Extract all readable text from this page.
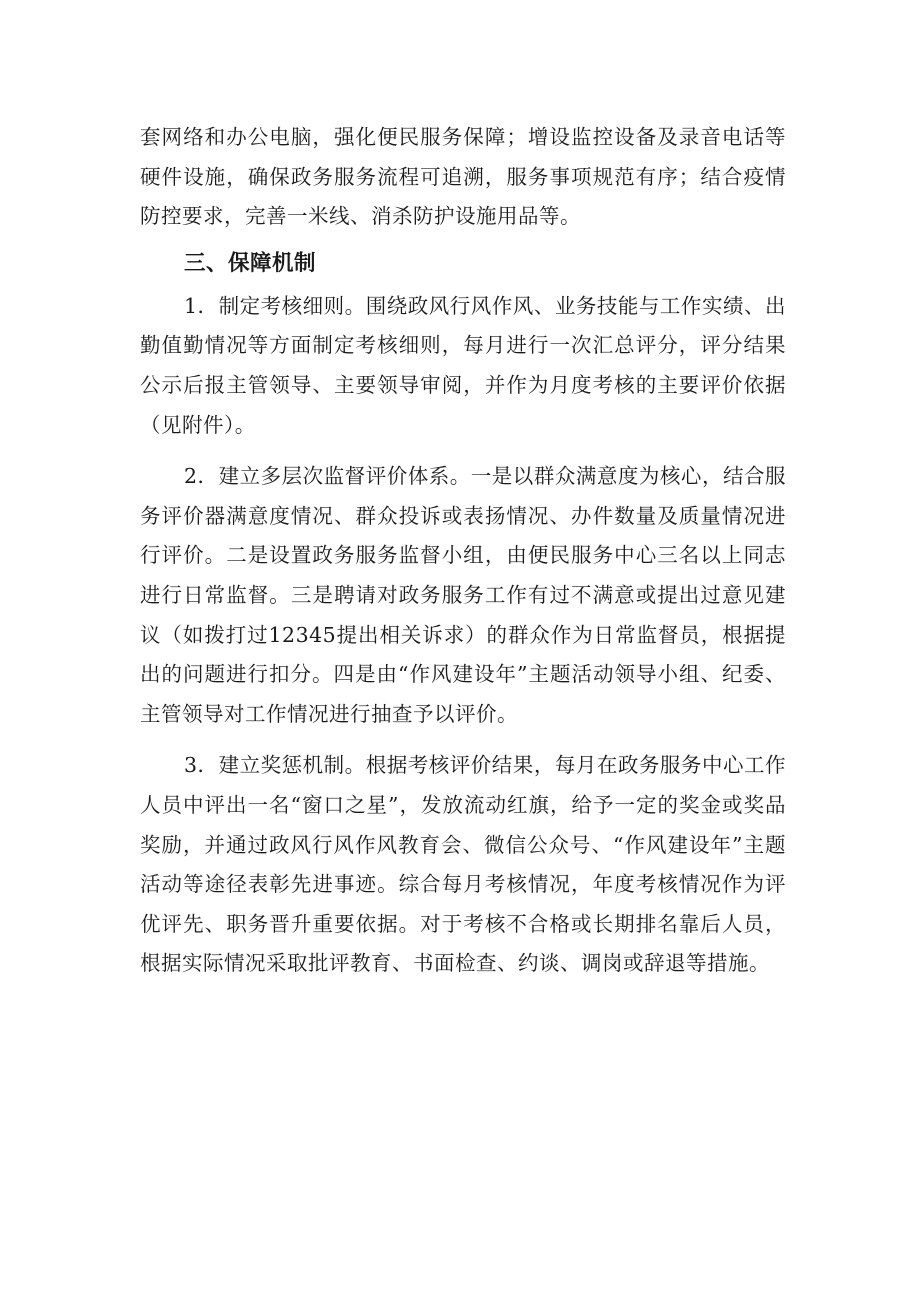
套网络和办公电脑，强化便民服务保障；增设监控设备及录音电话等硬件设施，确保政务服务流程可追溯，服务事项规范有序；结合疫情防控要求，完善一米线、消杀防护设施用品等。

三、保障机制

1．制定考核细则。围绕政风行风作风、业务技能与工作实绩、出勤值勤情况等方面制定考核细则，每月进行一次汇总评分，评分结果公示后报主管领导、主要领导审阅，并作为月度考核的主要评价依据（见附件）。

2．建立多层次监督评价体系。一是以群众满意度为核心，结合服务评价器满意度情况、群众投诉或表扬情况、办件数量及质量情况进行评价。二是设置政务服务监督小组，由便民服务中心三名以上同志进行日常监督。三是聘请对政务服务工作有过不满意或提出过意见建议（如拨打过12345提出相关诉求）的群众作为日常监督员，根据提出的问题进行扣分。四是由“作风建设年”主题活动领导小组、纪委、主管领导对工作情况进行抽查予以评价。

3．建立奖惩机制。根据考核评价结果，每月在政务服务中心工作人员中评出一名“窗口之星”，发放流动红旗，给予一定的奖金或奖品奖励，并通过政风行风作风教育会、微信公众号、“作风建设年”主题活动等途径表彰先进事迹。综合每月考核情况，年度考核情况作为评优评先、职务晋升重要依据。对于考核不合格或长期排名靠后人员，根据实际情况采取批评教育、书面检查、约谈、调岗或辞退等措施。
